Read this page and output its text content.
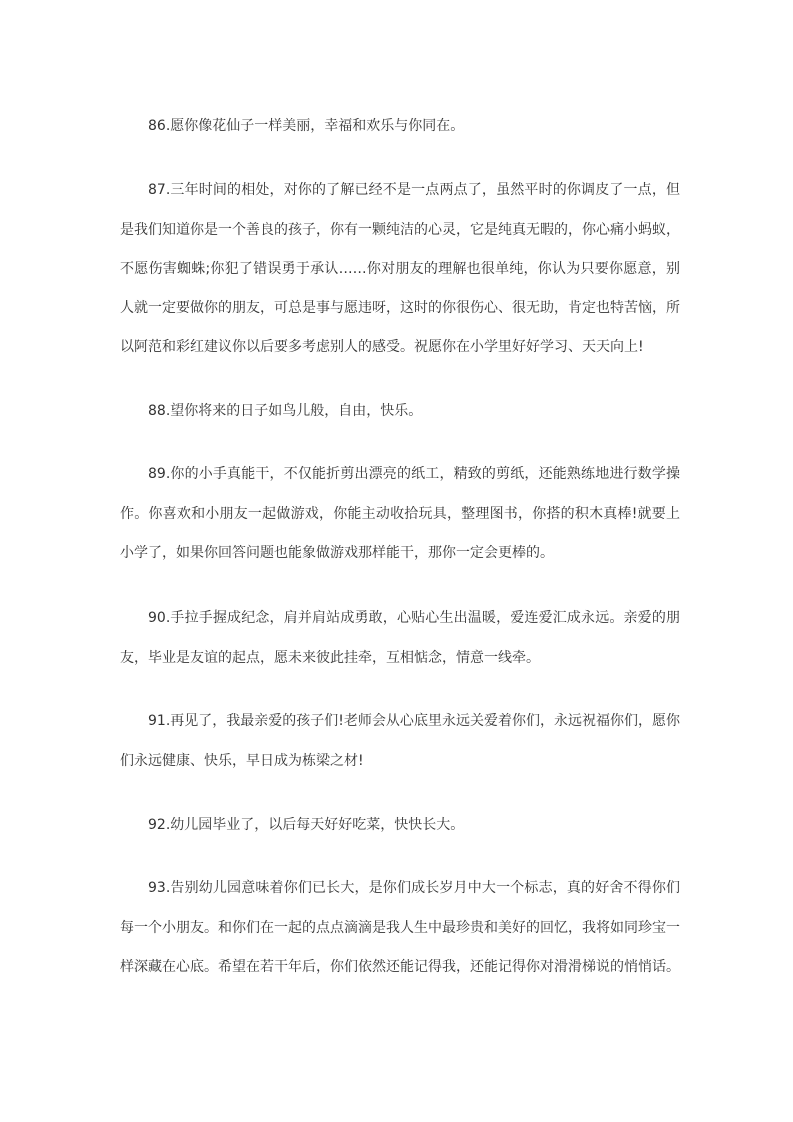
86.愿你像花仙子一样美丽，幸福和欢乐与你同在。
87.三年时间的相处，对你的了解已经不是一点两点了，虽然平时的你调皮了一点，但
是我们知道你是一个善良的孩子，你有一颗纯洁的心灵，它是纯真无暇的，你心痛小蚂蚁，
不愿伤害蜘蛛;你犯了错误勇于承认……你对朋友的理解也很单纯，你认为只要你愿意，别
人就一定要做你的朋友，可总是事与愿违呀，这时的你很伤心、很无助，肯定也特苦恼，所
以阿范和彩红建议你以后要多考虑别人的感受。祝愿你在小学里好好学习、天天向上!
88.望你将来的日子如鸟儿般，自由，快乐。
89.你的小手真能干，不仅能折剪出漂亮的纸工，精致的剪纸，还能熟练地进行数学操
作。你喜欢和小朋友一起做游戏，你能主动收拾玩具，整理图书，你搭的积木真棒!就要上
小学了，如果你回答问题也能象做游戏那样能干，那你一定会更棒的。
90.手拉手握成纪念，肩并肩站成勇敢，心贴心生出温暖，爱连爱汇成永远。亲爱的朋
友，毕业是友谊的起点，愿未来彼此挂牵，互相惦念，情意一线牵。
91.再见了，我最亲爱的孩子们!老师会从心底里永远关爱着你们，永远祝福你们，愿你
们永远健康、快乐，早日成为栋梁之材!
92.幼儿园毕业了，以后每天好好吃菜，快快长大。
93.告别幼儿园意味着你们已长大，是你们成长岁月中大一个标志，真的好舍不得你们
每一个小朋友。和你们在一起的点点滴滴是我人生中最珍贵和美好的回忆，我将如同珍宝一
样深藏在心底。希望在若干年后，你们依然还能记得我，还能记得你对滑滑梯说的悄悄话。
